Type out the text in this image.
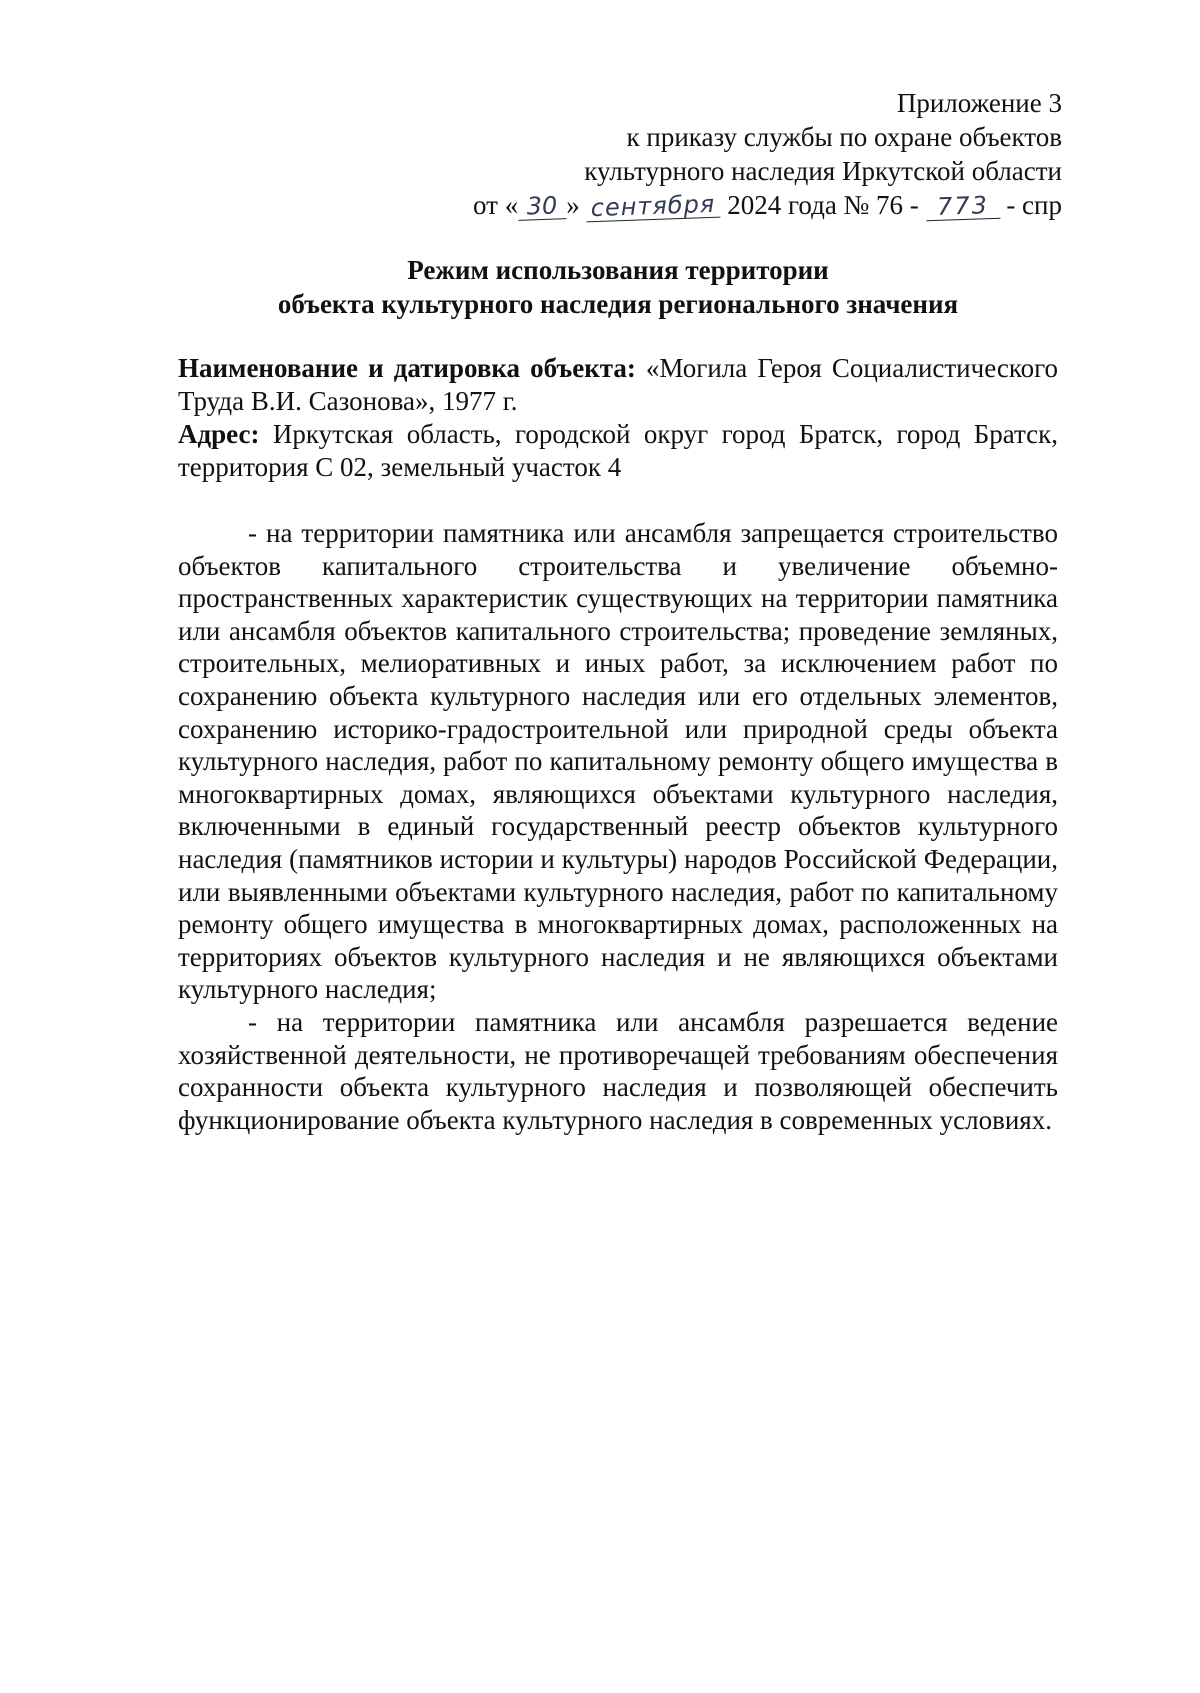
Приложение 3
к приказу службы по охране объектов
культурного наследия Иркутской области
от « 30 » сентября 2024 года № 76 - 773 - спр
Режим использования территории
объекта культурного наследия регионального значения

Наименование и датировка объекта: «Могила Героя Социалистического Труда В.И. Сазонова», 1977 г.

Адрес: Иркутская область, городской округ город Братск, город Братск, территория С 02, земельный участок 4

- на территории памятника или ансамбля запрещается строительство объектов капитального строительства и увеличение объемно-пространственных характеристик существующих на территории памятника или ансамбля объектов капитального строительства; проведение земляных, строительных, мелиоративных и иных работ, за исключением работ по сохранению объекта культурного наследия или его отдельных элементов, сохранению историко-градостроительной или природной среды объекта культурного наследия, работ по капитальному ремонту общего имущества в многоквартирных домах, являющихся объектами культурного наследия, включенными в единый государственный реестр объектов культурного наследия (памятников истории и культуры) народов Российской Федерации, или выявленными объектами культурного наследия, работ по капитальному ремонту общего имущества в многоквартирных домах, расположенных на территориях объектов культурного наследия и не являющихся объектами культурного наследия;

- на территории памятника или ансамбля разрешается ведение хозяйственной деятельности, не противоречащей требованиям обеспечения сохранности объекта культурного наследия и позволяющей обеспечить функционирование объекта культурного наследия в современных условиях.
